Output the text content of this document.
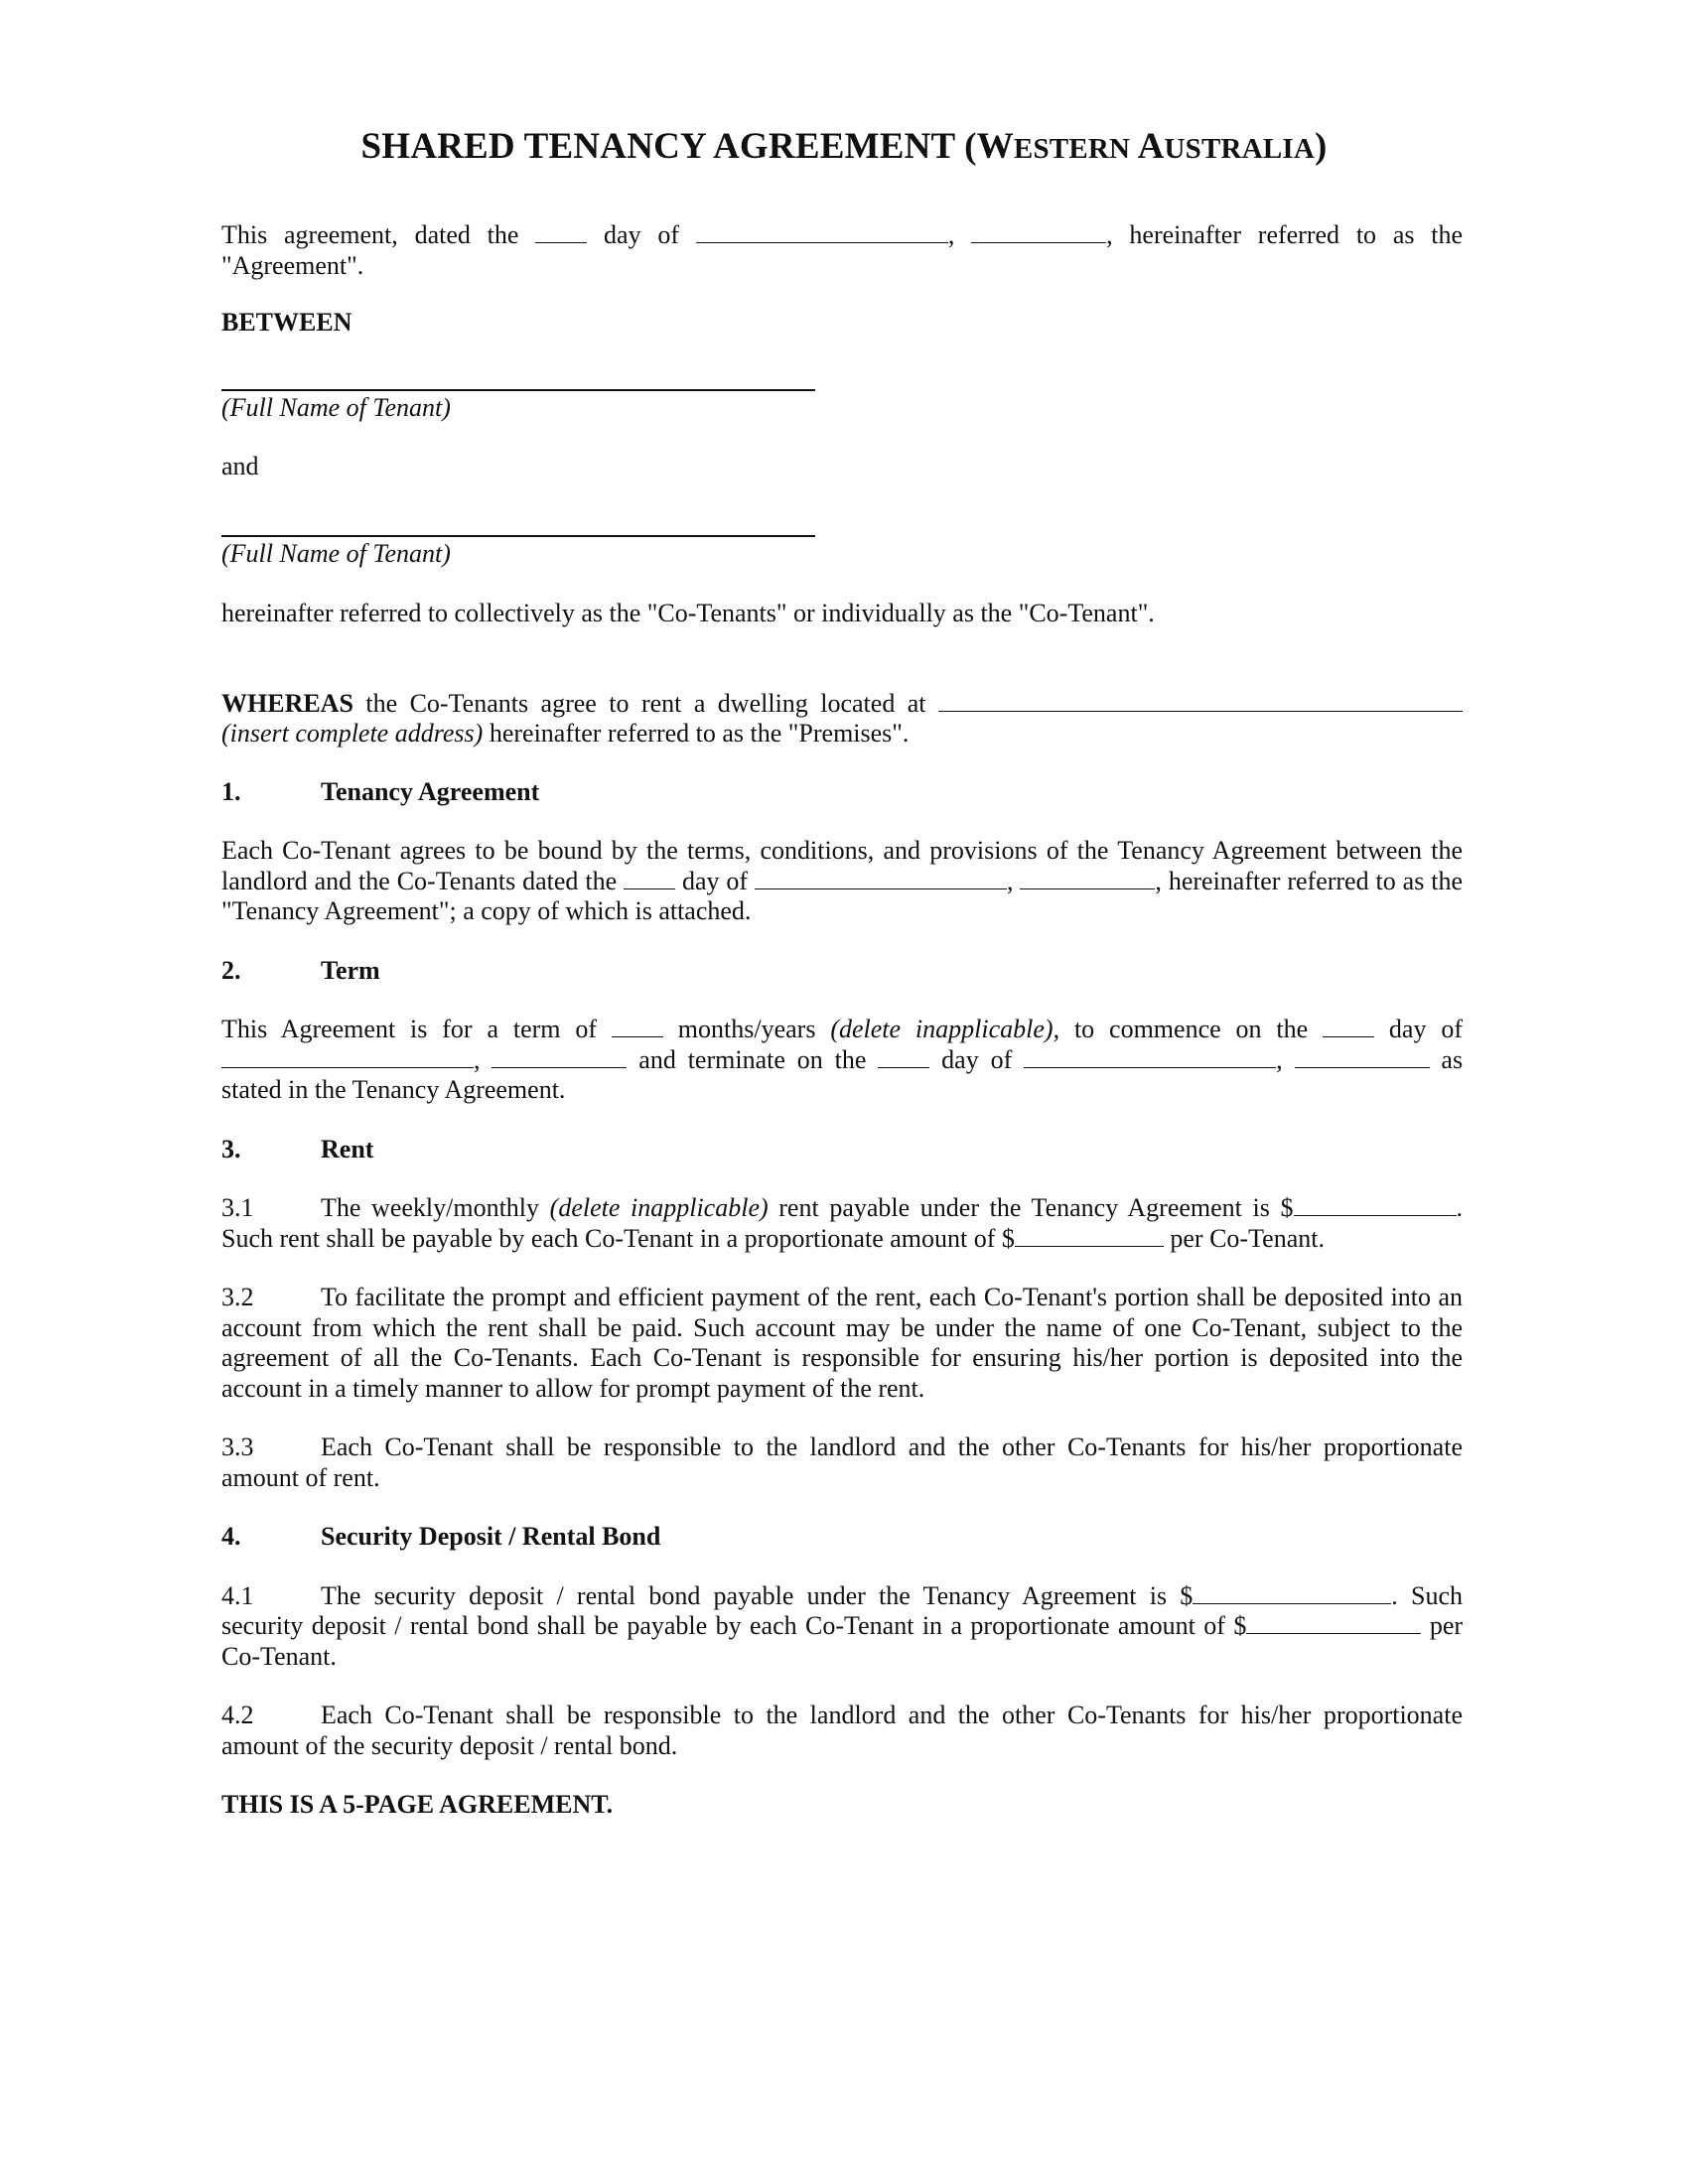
SHARED TENANCY AGREEMENT (WESTERN AUSTRALIA)

This agreement, dated the	day of	,	, hereinafter referred to as the "Agreement".

BETWEEN

(Full Name of Tenant)

and

(Full Name of Tenant)

hereinafter referred to collectively as the "Co-Tenants" or individually as the "Co-Tenant".

WHEREAS the Co-Tenants agree to rent a dwelling located at  (insert complete address) hereinafter referred to as the "Premises".

1.	Tenancy Agreement

Each Co-Tenant agrees to be bound by the terms, conditions, and provisions of the Tenancy Agreement between the landlord and the Co-Tenants dated the	day of	,	, hereinafter referred to as the "Tenancy Agreement"; a copy of which is attached.

2.	Term

This Agreement is for a term of	months/years (delete inapplicable), to commence on the	day of ,	and terminate on the	day of	,	as stated in the Tenancy Agreement.

3.	Rent

3.1	The weekly/monthly (delete inapplicable) rent payable under the Tenancy Agreement is $	. Such rent shall be payable by each Co-Tenant in a proportionate amount of $	per Co-Tenant.

3.2	To facilitate the prompt and efficient payment of the rent, each Co-Tenant's portion shall be deposited into an account from which the rent shall be paid. Such account may be under the name of one Co-Tenant, subject to the agreement of all the Co-Tenants. Each Co-Tenant is responsible for ensuring his/her portion is deposited into the account in a timely manner to allow for prompt payment of the rent.

3.3	Each Co-Tenant shall be responsible to the landlord and the other Co-Tenants for his/her proportionate amount of rent.

4.	Security Deposit / Rental Bond

4.1	The security deposit / rental bond payable under the Tenancy Agreement is $	. Such security deposit / rental bond shall be payable by each Co-Tenant in a proportionate amount of $	per Co-Tenant.

4.2	Each Co-Tenant shall be responsible to the landlord and the other Co-Tenants for his/her proportionate amount of the security deposit / rental bond.

THIS IS A 5-PAGE AGREEMENT.
